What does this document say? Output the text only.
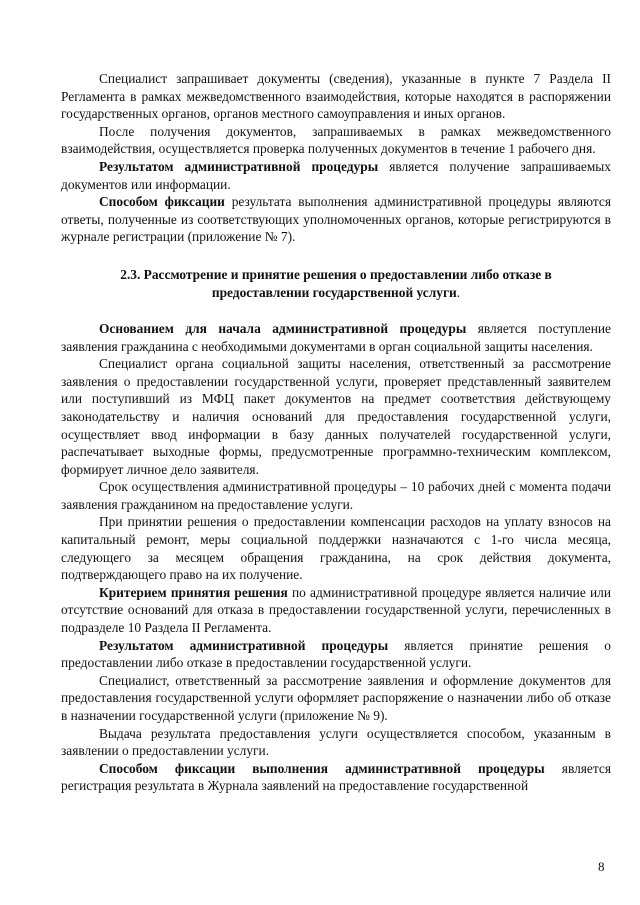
Специалист запрашивает документы (сведения), указанные в пункте 7 Раздела II Регламента в рамках межведомственного взаимодействия, которые находятся в распоряжении государственных органов, органов местного самоуправления и иных органов.

После получения документов, запрашиваемых в рамках межведомственного взаимодействия, осуществляется проверка полученных документов в течение 1 рабочего дня.

Результатом административной процедуры является получение запрашиваемых документов или информации.

Способом фиксации результата выполнения административной процедуры являются ответы, полученные из соответствующих уполномоченных органов, которые регистрируются в журнале регистрации (приложение № 7).

2.3. Рассмотрение и принятие решения о предоставлении либо отказе в
предоставлении государственной услуги.

Основанием для начала административной процедуры является поступление заявления гражданина с необходимыми документами в орган социальной защиты населения.

Специалист органа социальной защиты населения, ответственный за рассмотрение заявления о предоставлении государственной услуги, проверяет представленный заявителем или поступивший из МФЦ пакет документов на предмет соответствия действующему законодательству и наличия оснований для предоставления государственной услуги, осуществляет ввод информации в базу данных получателей государственной услуги, распечатывает выходные формы, предусмотренные программно-техническим комплексом, формирует личное дело заявителя.

Срок осуществления административной процедуры – 10 рабочих дней с момента подачи заявления гражданином на предоставление услуги.

При принятии решения о предоставлении компенсации расходов на уплату взносов на капитальный ремонт, меры социальной поддержки назначаются с 1-го числа месяца, следующего за месяцем обращения гражданина, на срок действия документа, подтверждающего право на их получение.

Критерием принятия решения по административной процедуре является наличие или отсутствие оснований для отказа в предоставлении государственной услуги, перечисленных в подразделе 10 Раздела II Регламента.

Результатом административной процедуры является принятие решения о предоставлении либо отказе в предоставлении государственной услуги.

Специалист, ответственный за рассмотрение заявления и оформление документов для предоставления государственной услуги оформляет распоряжение о назначении либо об отказе в назначении государственной услуги (приложение № 9).

Выдача результата предоставления услуги осуществляется способом, указанным в заявлении о предоставлении услуги.

Способом фиксации выполнения административной процедуры является регистрация результата в Журнала заявлений на предоставление государственной

8
